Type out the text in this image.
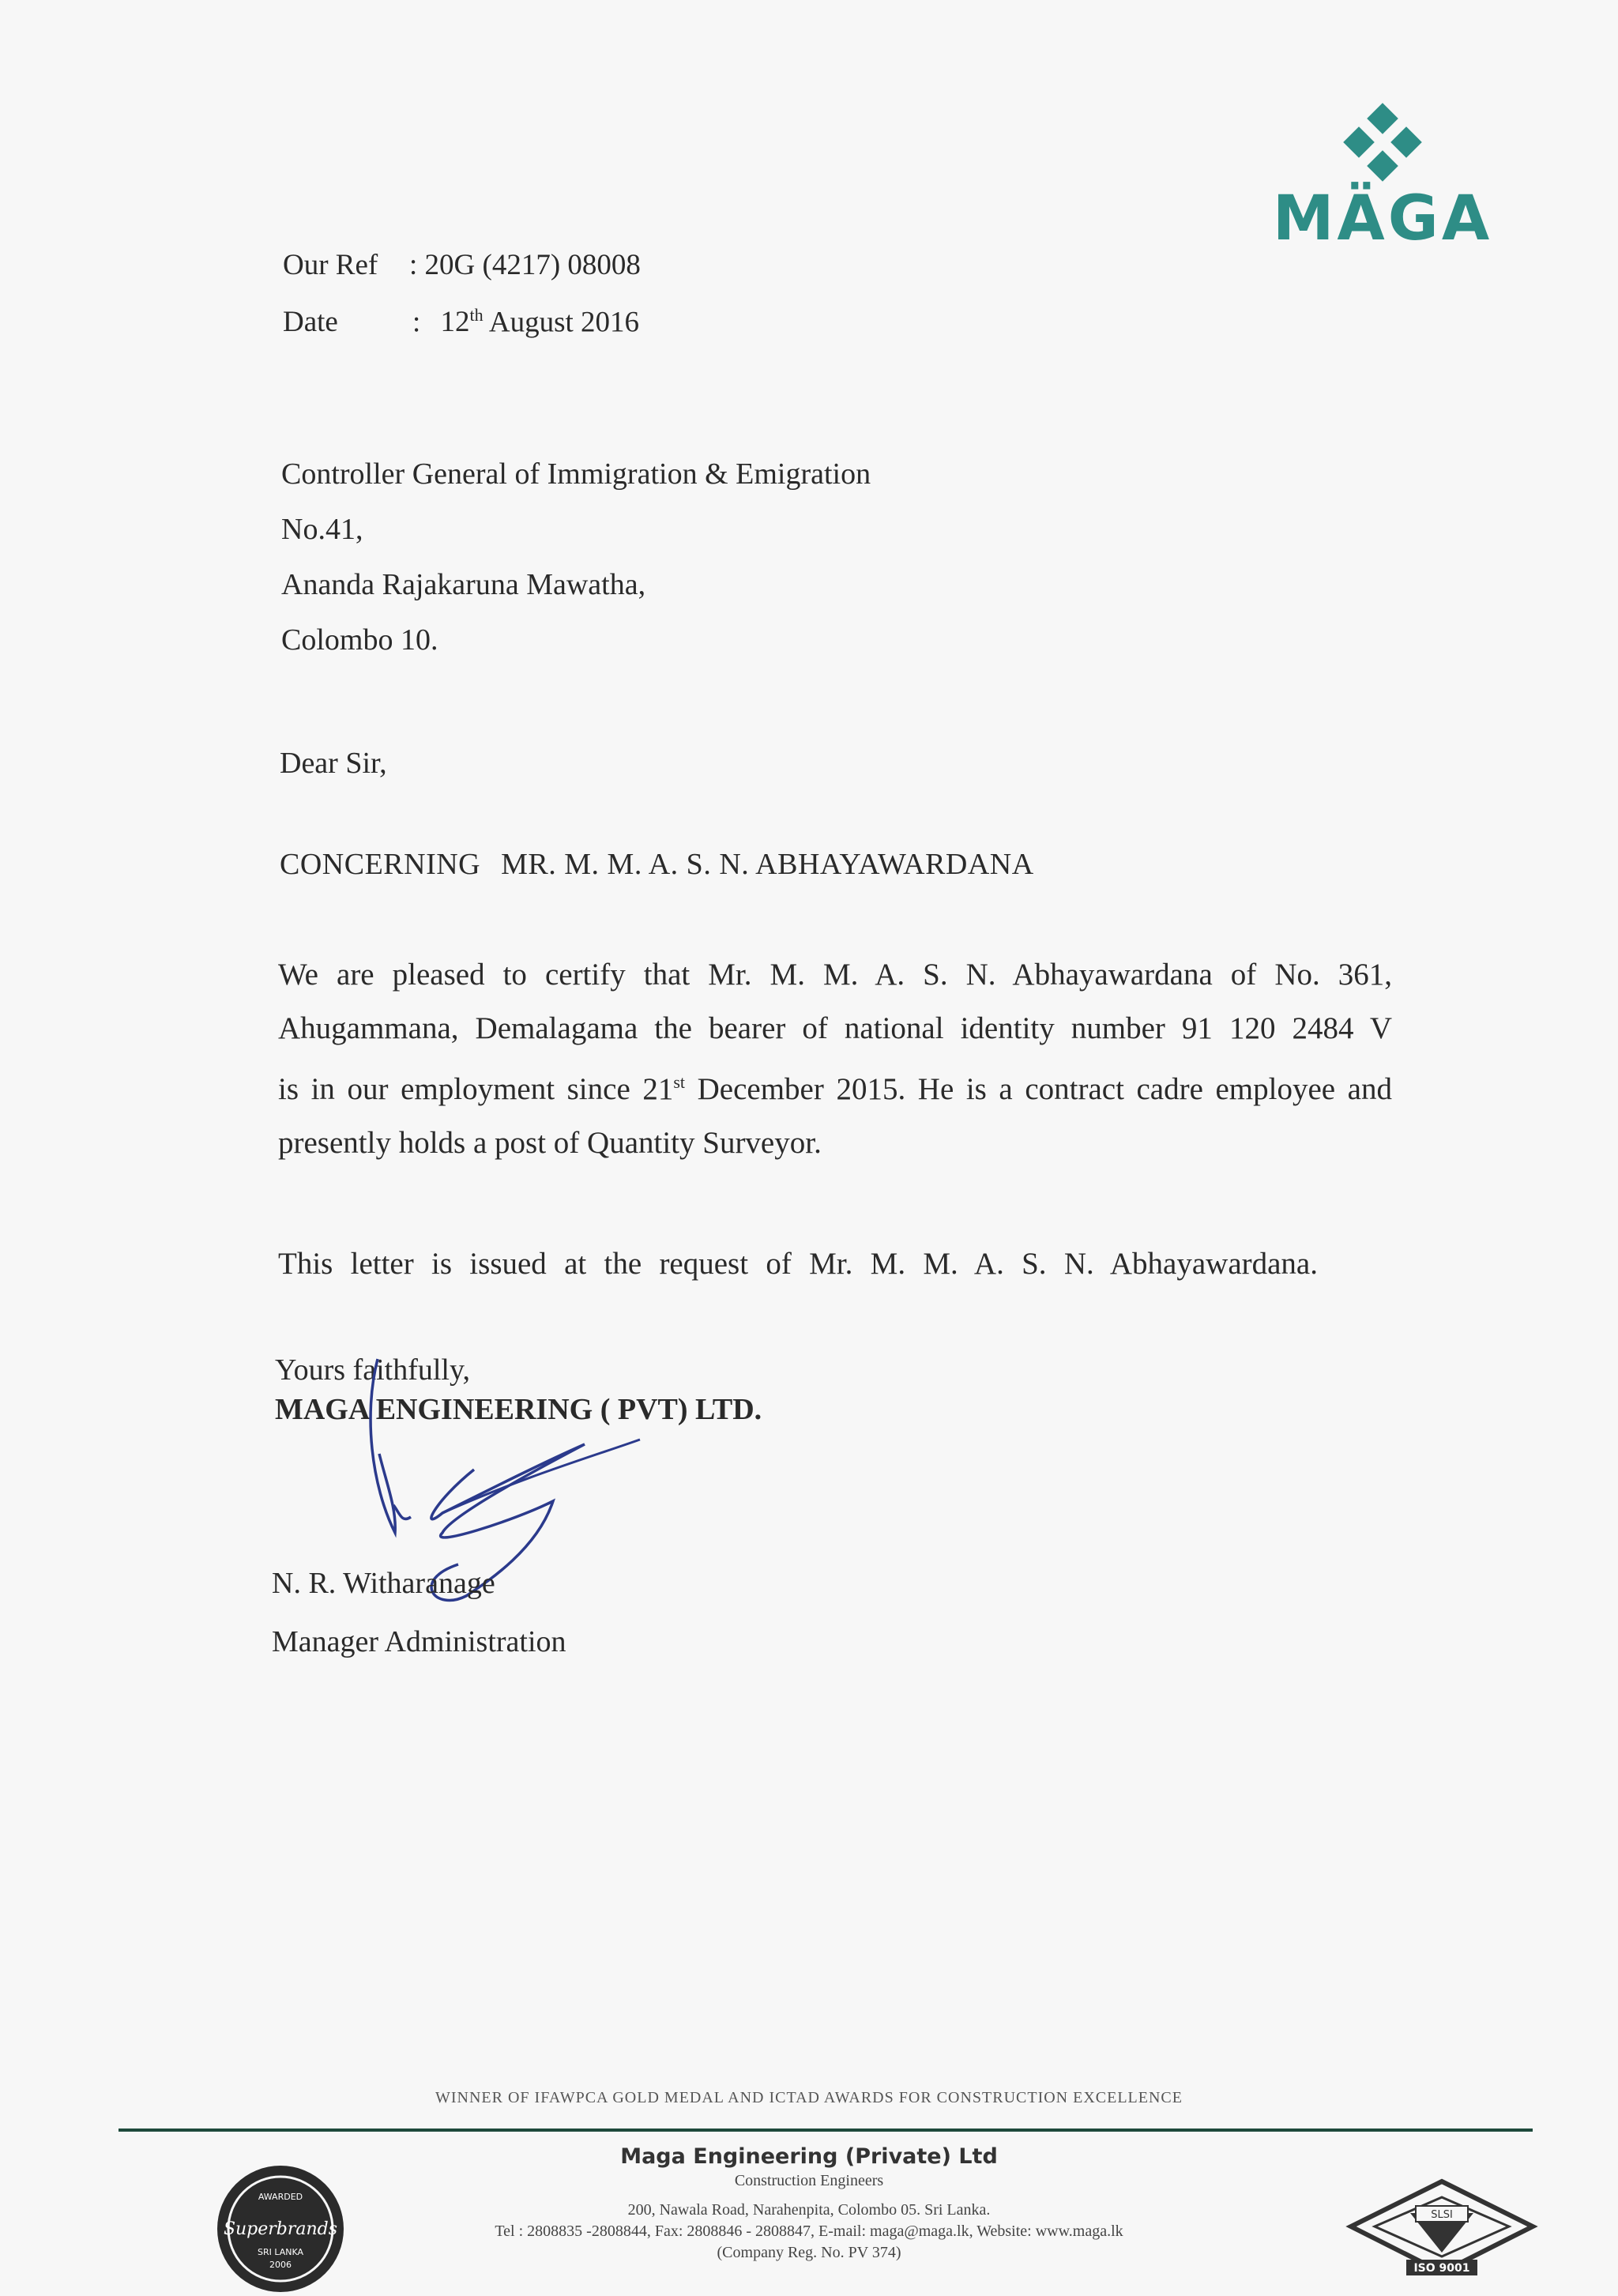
MÄGA
Our Ref : 20G (4217) 08008
Date	: 12th August 2016
Controller General of Immigration & Emigration
No.41,
Ananda Rajakaruna Mawatha,
Colombo 10.
Dear Sir,
CONCERNING MR. M. M. A. S. N. ABHAYAWARDANA
We are pleased to certify that Mr. M. M. A. S. N. Abhayawardana of No. 361,
Ahugammana, Demalagama the bearer of national identity number 91 120 2484 V
is in our employment since 21st December 2015. He is a contract cadre employee and
presently holds a post of Quantity Surveyor.
This letter is issued at the request of Mr. M. M. A. S. N. Abhayawardana.
Yours faithfully,
MAGA ENGINEERING ( PVT) LTD.
N. R. Witharanage
Manager Administration
WINNER OF IFAWPCA GOLD MEDAL AND ICTAD AWARDS FOR CONSTRUCTION EXCELLENCE
Maga Engineering (Private) Ltd
Construction Engineers
200, Nawala Road, Narahenpita, Colombo 05. Sri Lanka.
Tel : 2808835 -2808844, Fax: 2808846 - 2808847, E-mail: maga@maga.lk, Website: www.maga.lk
(Company Reg. No. PV 374)
AWARDED
Superbrands
SRI LANKA
2006
SLSI
ISO 9001
